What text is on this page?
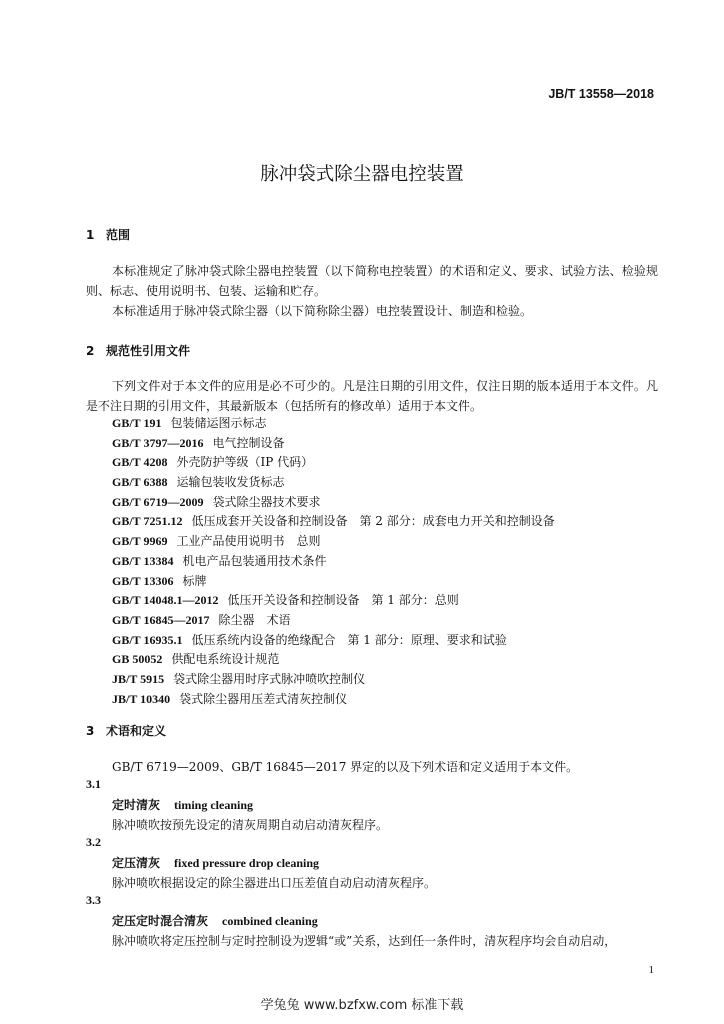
JB/T 13558—2018
脉冲袋式除尘器电控装置
1 范围
本标准规定了脉冲袋式除尘器电控装置（以下简称电控装置）的术语和定义、要求、试验方法、检验规则、标志、使用说明书、包装、运输和贮存。
本标准适用于脉冲袋式除尘器（以下简称除尘器）电控装置设计、制造和检验。
2 规范性引用文件
下列文件对于本文件的应用是必不可少的。凡是注日期的引用文件，仅注日期的版本适用于本文件。凡是不注日期的引用文件，其最新版本（包括所有的修改单）适用于本文件。
GB/T 191 包装储运图示标志
GB/T 3797—2016 电气控制设备
GB/T 4208 外壳防护等级（IP 代码）
GB/T 6388 运输包装收发货标志
GB/T 6719—2009 袋式除尘器技术要求
GB/T 7251.12 低压成套开关设备和控制设备　第 2 部分：成套电力开关和控制设备
GB/T 9969 工业产品使用说明书　总则
GB/T 13384 机电产品包装通用技术条件
GB/T 13306 标牌
GB/T 14048.1—2012 低压开关设备和控制设备　第 1 部分：总则
GB/T 16845—2017 除尘器　术语
GB/T 16935.1 低压系统内设备的绝缘配合　第 1 部分：原理、要求和试验
GB 50052 供配电系统设计规范
JB/T 5915 袋式除尘器用时序式脉冲喷吹控制仪
JB/T 10340 袋式除尘器用压差式清灰控制仪
3 术语和定义
GB/T 6719—2009、GB/T 16845—2017 界定的以及下列术语和定义适用于本文件。
3.1
定时清灰 timing cleaning
脉冲喷吹按预先设定的清灰周期自动启动清灰程序。
3.2
定压清灰 fixed pressure drop cleaning
脉冲喷吹根据设定的除尘器进出口压差值自动启动清灰程序。
3.3
定压定时混合清灰 combined cleaning
脉冲喷吹将定压控制与定时控制设为逻辑“或”关系，达到任一条件时，清灰程序均会自动启动，
1
学兔兔 www.bzfxw.com 标准下载
